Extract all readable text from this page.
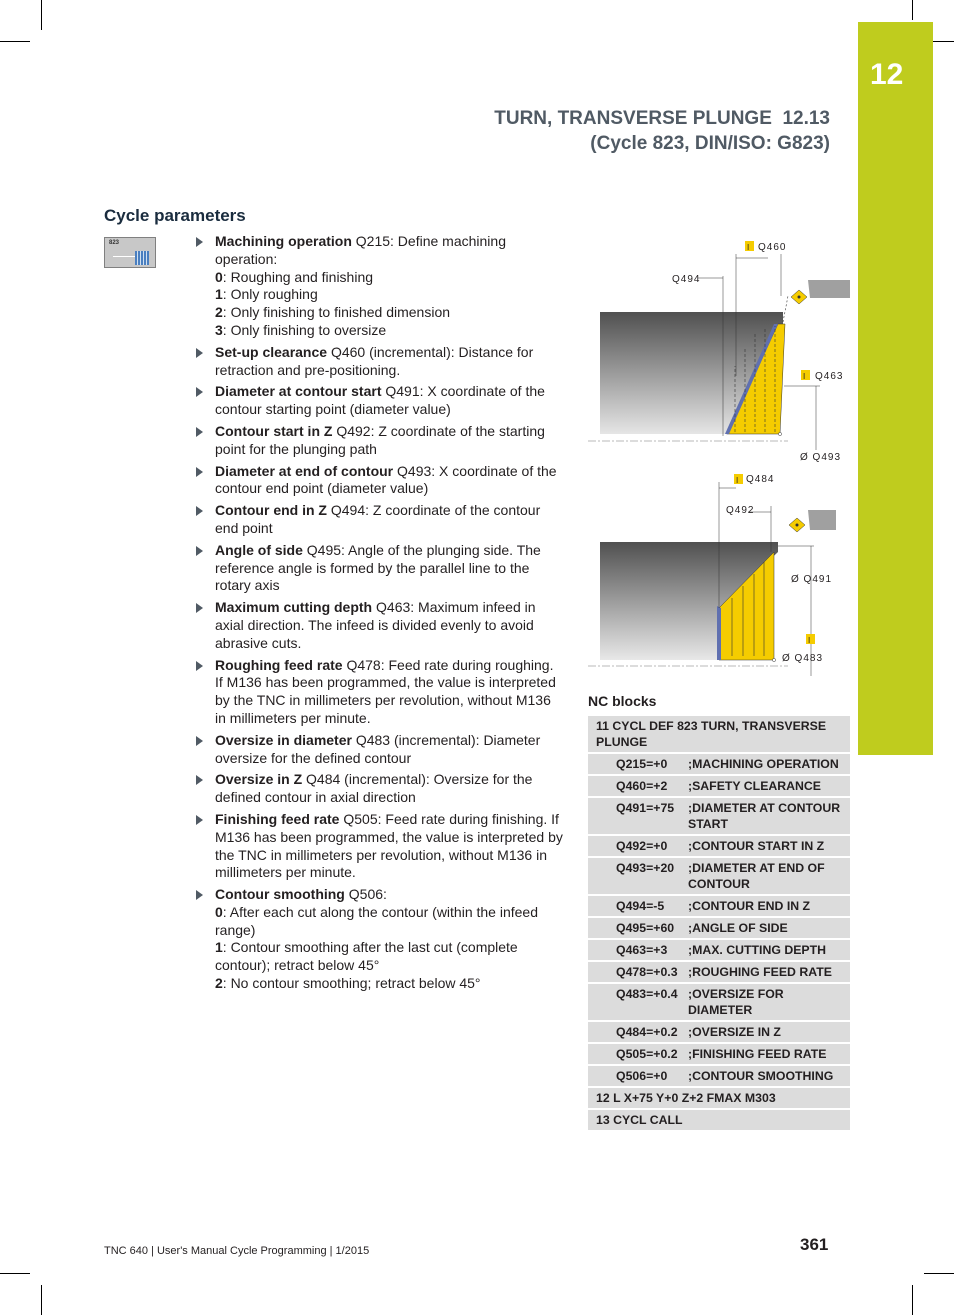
12
TURN, TRANSVERSE PLUNGE 12.13
(Cycle 823, DIN/ISO: G823)
Cycle parameters
823	Machining operation Q215: Define machining operation:
0: Roughing and finishing
1: Only roughing
2: Only finishing to finished dimension
3: Only finishing to oversize
Set-up clearance Q460 (incremental): Distance for retraction and pre-positioning.
Diameter at contour start Q491: X coordinate of the contour starting point (diameter value)
Contour start in Z Q492: Z coordinate of the starting point for the plunging path
Diameter at end of contour Q493: X coordinate of the contour end point (diameter value)
Contour end in Z Q494: Z coordinate of the contour end point
Angle of side Q495: Angle of the plunging side. The reference angle is formed by the parallel line to the rotary axis
Maximum cutting depth Q463: Maximum infeed in axial direction. The infeed is divided evenly to avoid abrasive cuts.
Roughing feed rate Q478: Feed rate during roughing. If M136 has been programmed, the value is interpreted by the TNC in millimeters per revolution, without M136 in millimeters per minute.
Oversize in diameter Q483 (incremental): Diameter oversize for the defined contour
Oversize in Z Q484 (incremental): Oversize for the defined contour in axial direction
Finishing feed rate Q505: Feed rate during finishing. If M136 has been programmed, the value is interpreted by the TNC in millimeters per revolution, without M136 in millimeters per minute.
Contour smoothing Q506:
0: After each cut along the contour (within the infeed range)
1: Contour smoothing after the last cut (complete contour); retract below 45°
2: No contour smoothing; retract below 45°
I
I
I
I
Q460
Q494
Q463
Ø Q493
Q484
Q492
Ø Q491
Ø Q483
NC blocks
11 CYCL DEF 823 TURN, TRANSVERSE PLUNGE	
Q215=+0	;MACHINING OPERATION
Q460=+2	;SAFETY CLEARANCE
Q491=+75	;DIAMETER AT CONTOUR START
Q492=+0	;CONTOUR START IN Z
Q493=+20	;DIAMETER AT END OF CONTOUR
Q494=-5	;CONTOUR END IN Z
Q495=+60	;ANGLE OF SIDE
Q463=+3	;MAX. CUTTING DEPTH
Q478=+0.3	;ROUGHING FEED RATE
Q483=+0.4	;OVERSIZE FOR DIAMETER
Q484=+0.2	;OVERSIZE IN Z
Q505=+0.2	;FINISHING FEED RATE
Q506=+0	;CONTOUR SMOOTHING
12 L X+75 Y+0 Z+2 FMAX M303	
13 CYCL CALL	
TNC 640 | User's Manual Cycle Programming | 1/2015	361
